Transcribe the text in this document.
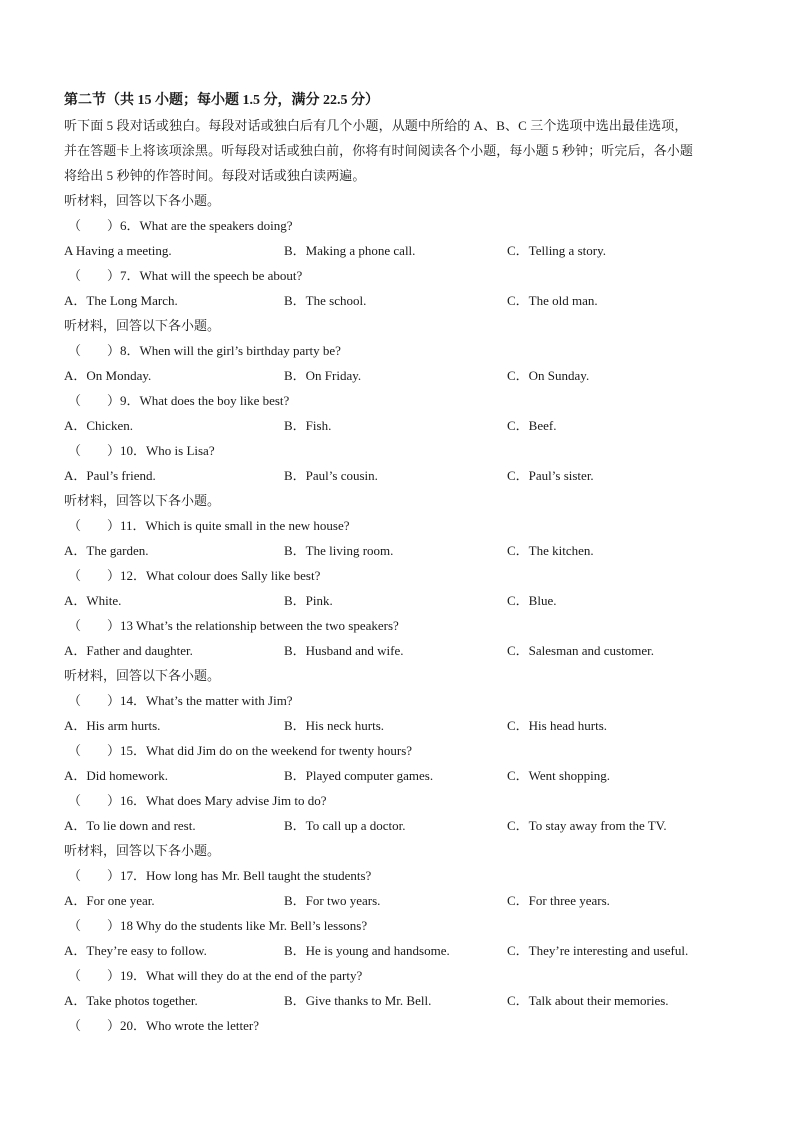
第二节（共 15 小题；每小题 1.5 分，满分 22.5 分）
听下面 5 段对话或独白。每段对话或独白后有几个小题，从题中所给的 A、B、C 三个选项中选出最佳选项，
并在答题卡上将该项涂黑。听每段对话或独白前，你将有时间阅读各个小题，每小题 5 秒钟；听完后，各小题
将给出 5 秒钟的作答时间。每段对话或独白读两遍。
听材料，回答以下各小题。
（　　）6．What are the speakers doing?
A Having a meeting.	B．Making a phone call.	C．Telling a story.
（　　）7．What will the speech be about?
A．The Long March.	B．The school.	C．The old man.
听材料，回答以下各小题。
（　　）8．When will the girl’s birthday party be?
A．On Monday.	B．On Friday.	C．On Sunday.
（　　）9．What does the boy like best?
A．Chicken.	B．Fish.	C．Beef.
（　　）10．Who is Lisa?
A．Paul’s friend.	B．Paul’s cousin.	C．Paul’s sister.
听材料，回答以下各小题。
（　　）11．Which is quite small in the new house?
A．The garden.	B．The living room.	C．The kitchen.
（　　）12．What colour does Sally like best?
A．White.	B．Pink.	C．Blue.
（　　）13 What’s the relationship between the two speakers?
A．Father and daughter.	B．Husband and wife.	C．Salesman and customer.
听材料，回答以下各小题。
（　　）14．What’s the matter with Jim?
A．His arm hurts.	B．His neck hurts.	C．His head hurts.
（　　）15．What did Jim do on the weekend for twenty hours?
A．Did homework.	B．Played computer games.	C．Went shopping.
（　　）16．What does Mary advise Jim to do?
A．To lie down and rest.	B．To call up a doctor.	C．To stay away from the TV.
听材料，回答以下各小题。
（　　）17．How long has Mr. Bell taught the students?
A．For one year.	B．For two years.	C．For three years.
（　　）18 Why do the students like Mr. Bell’s lessons?
A．They’re easy to follow.	B．He is young and handsome.	C．They’re interesting and useful.
（　　）19．What will they do at the end of the party?
A．Take photos together.	B．Give thanks to Mr. Bell.	C．Talk about their memories.
（　　）20．Who wrote the letter?
